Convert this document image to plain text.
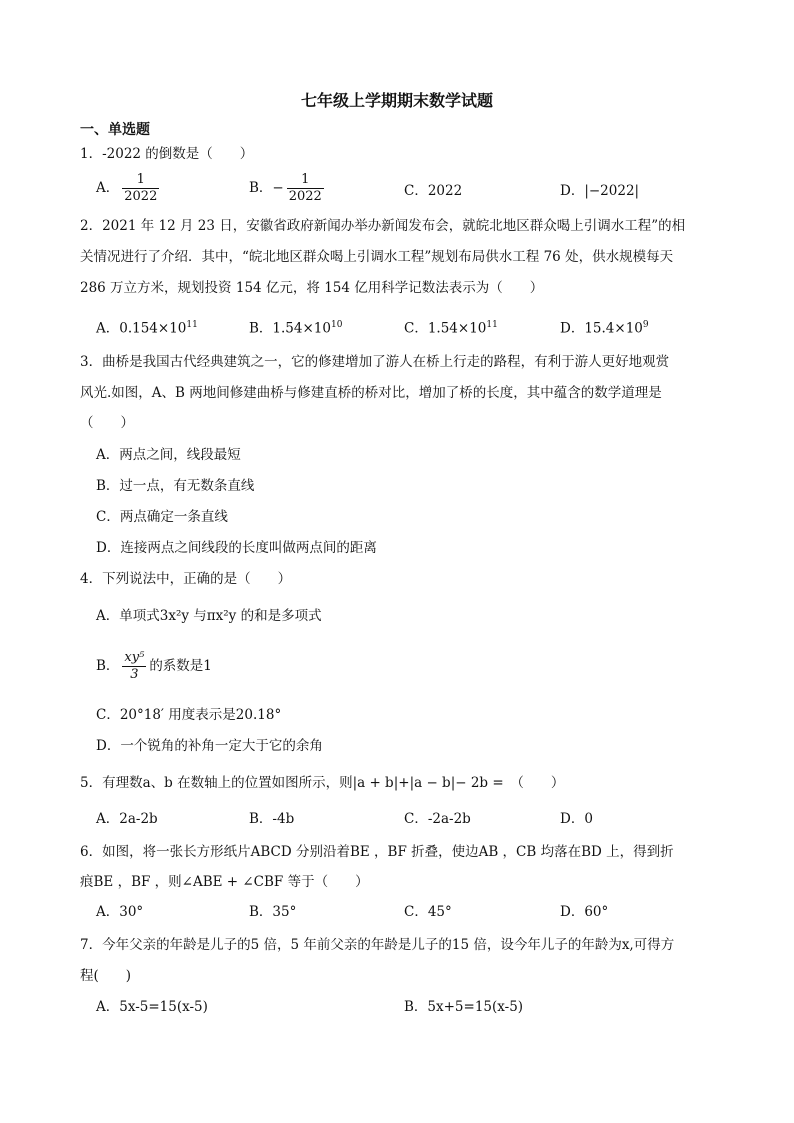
七年级上学期期末数学试题
一、单选题
1．-2022 的倒数是（　　）
A． $\frac{1}{2022}$	B．− $\frac{1}{2022}$	C．2022	D．|−2022|
2．2021 年 12 月 23 日，安徽省政府新闻办举办新闻发布会，就皖北地区群众喝上引调水工程”的相
关情况进行了介绍．其中，“皖北地区群众喝上引调水工程”规划布局供水工程 76 处，供水规模每天
286 万立方米，规划投资 154 亿元，将 154 亿用科学记数法表示为（　　）
A．$0.154\times 10^{11}$	B．$1.54\times 10^{10}$	C．$1.54\times 10^{11}$	D．$15.4\times 10^9$
3．曲桥是我国古代经典建筑之一，它的修建增加了游人在桥上行走的路程，有利于游人更好地观赏
风光.如图，A、B 两地间修建曲桥与修建直桥的桥对比，增加了桥的长度，其中蕴含的数学道理是
（　　）
A．两点之间，线段最短
B．过一点，有无数条直线
C．两点确定一条直线
D．连接两点之间线段的长度叫做两点间的距离
4．下列说法中，正确的是（　　）
A．单项式3x²y 与πx²y 的和是多项式
B． $\frac{\text{xy⁵}}{3}$ 的系数是1
C．20°18′ 用度表示是20.18°
D．一个锐角的补角一定大于它的余角
5．有理数a、b 在数轴上的位置如图所示，则|a + b|+|a − b|− 2b =　（　　）
A．2a-2b	B．-4b	C．-2a-2b	D．0
6．如图，将一张长方形纸片ABCD 分别沿着BE ，BF 折叠，使边AB ，CB 均落在BD 上，得到折
痕BE ，BF ，则∠ABE + ∠CBF 等于（　　）
A．30°	B．35°	C．45°	D．60°
7．今年父亲的年龄是儿子的5 倍，5 年前父亲的年龄是儿子的15 倍，设今年儿子的年龄为x,可得方
程(　　)
A．5x-5=15(x-5)	B．5x+5=15(x-5)
